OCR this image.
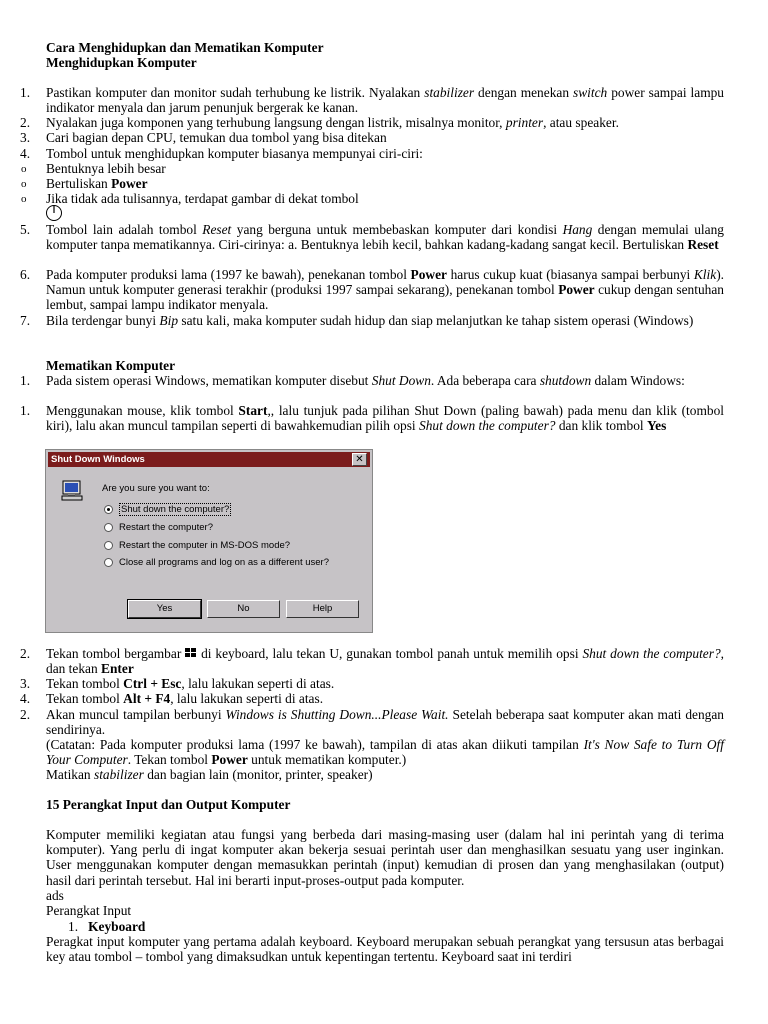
Cara Menghidupkan dan Mematikan Komputer
Menghidupkan Komputer
1. Pastikan komputer dan monitor sudah terhubung ke listrik. Nyalakan stabilizer dengan menekan switch power sampai lampu indikator menyala dan jarum penunjuk bergerak ke kanan.
2. Nyalakan juga komponen yang terhubung langsung dengan listrik, misalnya monitor, printer, atau speaker.
3. Cari bagian depan CPU, temukan dua tombol yang bisa ditekan
4. Tombol untuk menghidupkan komputer biasanya mempunyai ciri-ciri:
o Bentuknya lebih besar
o Bertuliskan Power
o Jika tidak ada tulisannya, terdapat gambar di dekat tombol
5. Tombol lain adalah tombol Reset yang berguna untuk membebaskan komputer dari kondisi Hang dengan memulai ulang komputer tanpa mematikannya. Ciri-cirinya: a. Bentuknya lebih kecil, bahkan kadang-kadang sangat kecil. Bertuliskan Reset
6. Pada komputer produksi lama (1997 ke bawah), penekanan tombol Power harus cukup kuat (biasanya sampai berbunyi Klik). Namun untuk komputer generasi terakhir (produksi 1997 sampai sekarang), penekanan tombol Power cukup dengan sentuhan lembut, sampai lampu indikator menyala.
7. Bila terdengar bunyi Bip satu kali, maka komputer sudah hidup dan siap melanjutkan ke tahap sistem operasi (Windows)
Mematikan Komputer
1. Pada sistem operasi Windows, mematikan komputer disebut Shut Down. Ada beberapa cara shutdown dalam Windows:
1. Menggunakan mouse, klik tombol Start,, lalu tunjuk pada pilihan Shut Down (paling bawah) pada menu dan klik (tombol kiri), lalu akan muncul tampilan seperti di bawahkemudian pilih opsi Shut down the computer? dan klik tombol Yes
Shut Down Windows	✕
Are you sure you want to:
Shut down the computer?
Restart the computer?
Restart the computer in MS-DOS mode?
Close all programs and log on as a different user?
Yes	No	Help
2. Tekan tombol bergambar  di keyboard, lalu tekan U, gunakan tombol panah untuk memilih opsi Shut down the computer?, dan tekan Enter
3. Tekan tombol Ctrl + Esc, lalu lakukan seperti di atas.
4. Tekan tombol Alt + F4, lalu lakukan seperti di atas.
2. Akan muncul tampilan berbunyi Windows is Shutting Down...Please Wait. Setelah beberapa saat komputer akan mati dengan sendirinya.
(Catatan: Pada komputer produksi lama (1997 ke bawah), tampilan di atas akan diikuti tampilan It's Now Safe to Turn Off Your Computer. Tekan tombol Power untuk mematikan komputer.)
Matikan stabilizer dan bagian lain (monitor, printer, speaker)
15 Perangkat Input dan Output Komputer
Komputer memiliki kegiatan atau fungsi yang berbeda dari masing-masing user (dalam hal ini perintah yang di terima komputer). Yang perlu di ingat komputer akan bekerja sesuai perintah user dan menghasilkan sesuatu yang user inginkan. User menggunakan komputer dengan memasukkan perintah (input) kemudian di prosen dan yang menghasilakan (output) hasil dari perintah tersebut. Hal ini berarti input-proses-output pada komputer.
ads
Perangkat Input
1. Keyboard
Peragkat input komputer yang pertama adalah keyboard. Keyboard merupakan sebuah perangkat yang tersusun atas berbagai key atau tombol – tombol yang dimaksudkan untuk kepentingan tertentu. Keyboard saat ini terdiri
